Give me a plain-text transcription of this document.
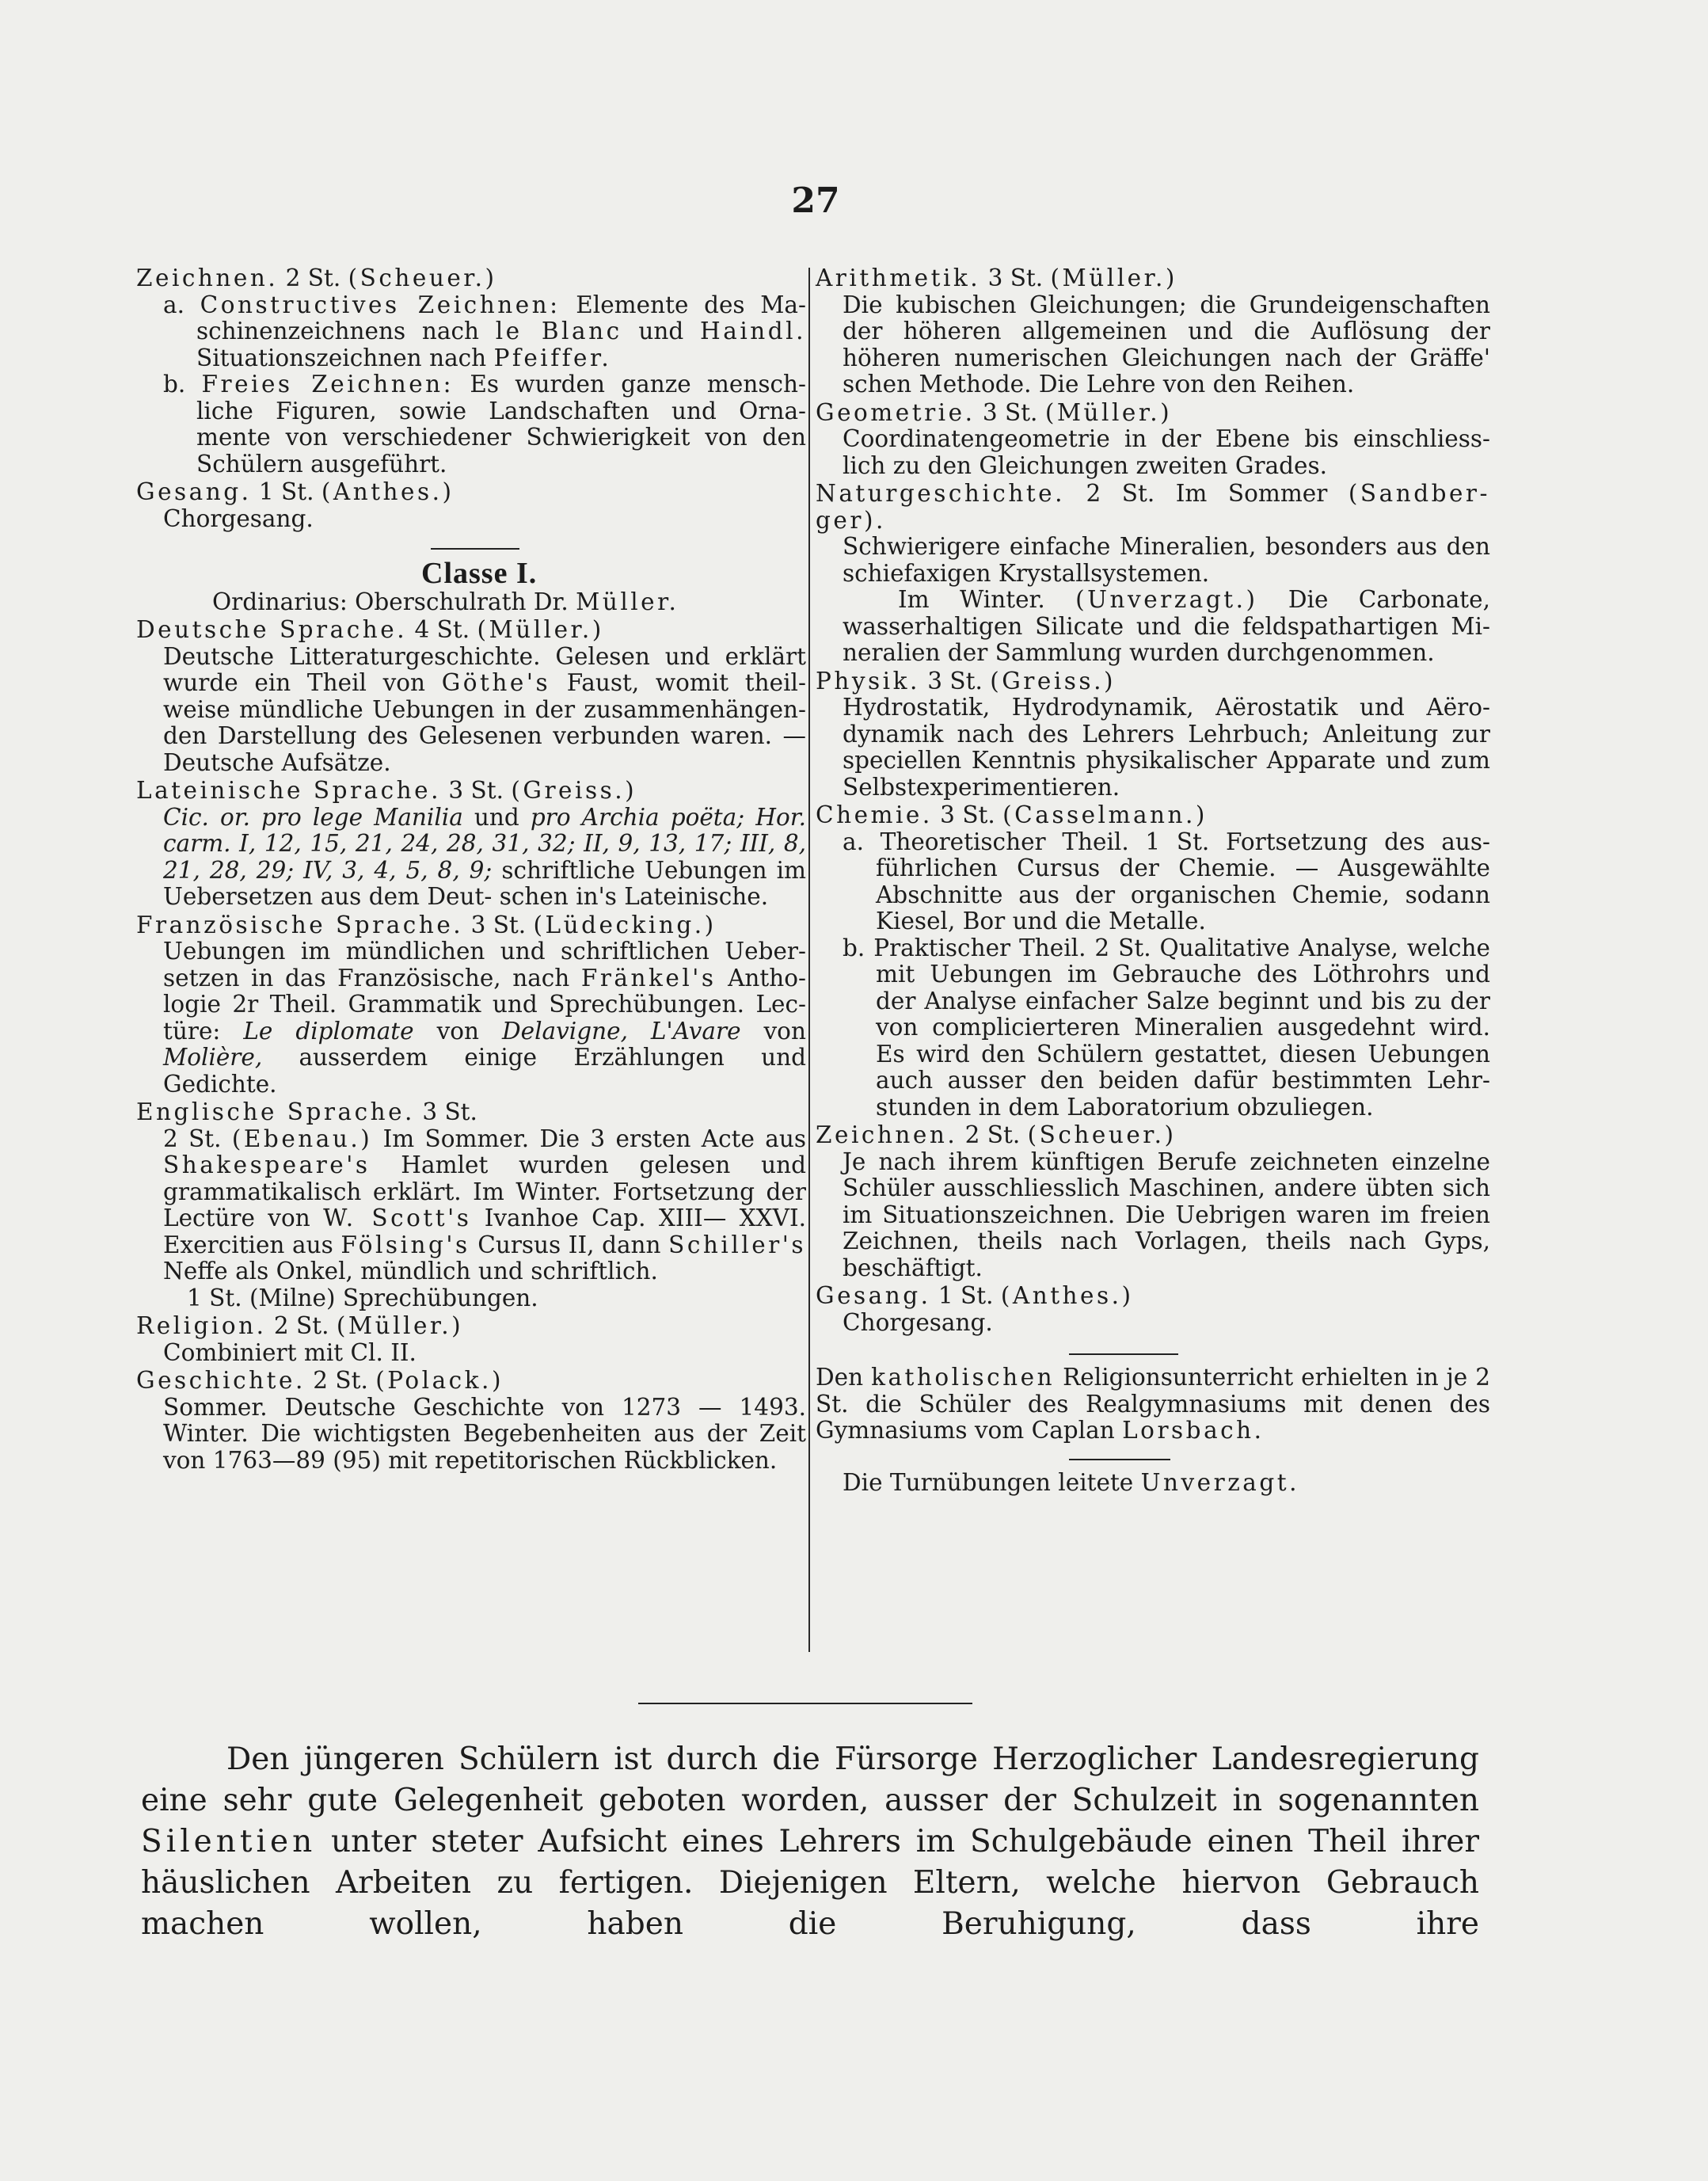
27

Zeichnen. 2 St. (Scheuer.)

a. Constructives Zeichnen: Elemente des Ma- schinenzeichnens nach le Blanc und Haindl. Situationszeichnen nach Pfeiffer.

b. Freies Zeichnen: Es wurden ganze mensch- liche Figuren, sowie Landschaften und Orna- mente von verschiedener Schwierigkeit von den Schülern ausgeführt.

Gesang. 1 St. (Anthes.)

Chorgesang.

Classe I.

Ordinarius: Oberschulrath Dr. Müller.

Deutsche Sprache. 4 St. (Müller.)

Deutsche Litteraturgeschichte. Gelesen und erklärt wurde ein Theil von Göthe's Faust, womit theil- weise mündliche Uebungen in der zusammenhängen- den Darstellung des Gelesenen verbunden waren. — Deutsche Aufsätze.

Lateinische Sprache. 3 St. (Greiss.)

Cic. or. pro lege Manilia und pro Archia poëta; Hor. carm. I, 12, 15, 21, 24, 28, 31, 32; II, 9, 13, 17; III, 8, 21, 28, 29; IV, 3, 4, 5, 8, 9; schriftliche Uebungen im Uebersetzen aus dem Deut- schen in's Lateinische.

Französische Sprache. 3 St. (Lüdecking.)

Uebungen im mündlichen und schriftlichen Ueber- setzen in das Französische, nach Fränkel's Antho- logie 2r Theil. Grammatik und Sprechübungen. Lec- türe: Le diplomate von Delavigne, L'Avare von Molière, ausserdem einige Erzählungen und Gedichte.

Englische Sprache. 3 St.

2 St. (Ebenau.) Im Sommer. Die 3 ersten Acte aus Shakespeare's Hamlet wurden gelesen und grammatikalisch erklärt. Im Winter. Fortsetzung der Lectüre von W. Scott's Ivanhoe Cap. XIII— XXVI. Exercitien aus Fölsing's Cursus II, dann Schiller's Neffe als Onkel, mündlich und schriftlich.

1 St. (Milne) Sprechübungen.

Religion. 2 St. (Müller.)

Combiniert mit Cl. II.

Geschichte. 2 St. (Polack.)

Sommer. Deutsche Geschichte von 1273 — 1493. Winter. Die wichtigsten Begebenheiten aus der Zeit von 1763—89 (95) mit repetitorischen Rückblicken.

Arithmetik. 3 St. (Müller.)

Die kubischen Gleichungen; die Grundeigenschaften der höheren allgemeinen und die Auflösung der höheren numerischen Gleichungen nach der Gräffe' schen Methode. Die Lehre von den Reihen.

Geometrie. 3 St. (Müller.)

Coordinatengeometrie in der Ebene bis einschliess- lich zu den Gleichungen zweiten Grades.

Naturgeschichte. 2 St. Im Sommer (Sandber- ger).

Schwierigere einfache Mineralien, besonders aus den schiefaxigen Krystallsystemen.

Im Winter. (Unverzagt.) Die Carbonate, wasserhaltigen Silicate und die feldspathartigen Mi- neralien der Sammlung wurden durchgenommen.

Physik. 3 St. (Greiss.)

Hydrostatik, Hydrodynamik, Aërostatik und Aëro- dynamik nach des Lehrers Lehrbuch; Anleitung zur speciellen Kenntnis physikalischer Apparate und zum Selbstexperimentieren.

Chemie. 3 St. (Casselmann.)

a. Theoretischer Theil. 1 St. Fortsetzung des aus- führlichen Cursus der Chemie. — Ausgewählte Abschnitte aus der organischen Chemie, sodann Kiesel, Bor und die Metalle.

b. Praktischer Theil. 2 St. Qualitative Analyse, welche mit Uebungen im Gebrauche des Löthrohrs und der Analyse einfacher Salze beginnt und bis zu der von complicierteren Mineralien ausgedehnt wird. Es wird den Schülern gestattet, diesen Uebungen auch ausser den beiden dafür bestimmten Lehr- stunden in dem Laboratorium obzuliegen.

Zeichnen. 2 St. (Scheuer.)

Je nach ihrem künftigen Berufe zeichneten einzelne Schüler ausschliesslich Maschinen, andere übten sich im Situationszeichnen. Die Uebrigen waren im freien Zeichnen, theils nach Vorlagen, theils nach Gyps, beschäftigt.

Gesang. 1 St. (Anthes.)

Chorgesang.

Den katholischen Religionsunterricht erhielten in je 2 St. die Schüler des Realgymnasiums mit denen des Gymnasiums vom Caplan Lorsbach.

Die Turnübungen leitete Unverzagt.

Den jüngeren Schülern ist durch die Fürsorge Herzoglicher Landesregierung eine sehr gute Gelegenheit geboten worden, ausser der Schulzeit in sogenannten Silentien unter steter Aufsicht eines Lehrers im Schulgebäude einen Theil ihrer häuslichen Arbeiten zu fertigen. Diejenigen Eltern, welche hiervon Gebrauch machen wollen, haben die Beruhigung, dass ihre
